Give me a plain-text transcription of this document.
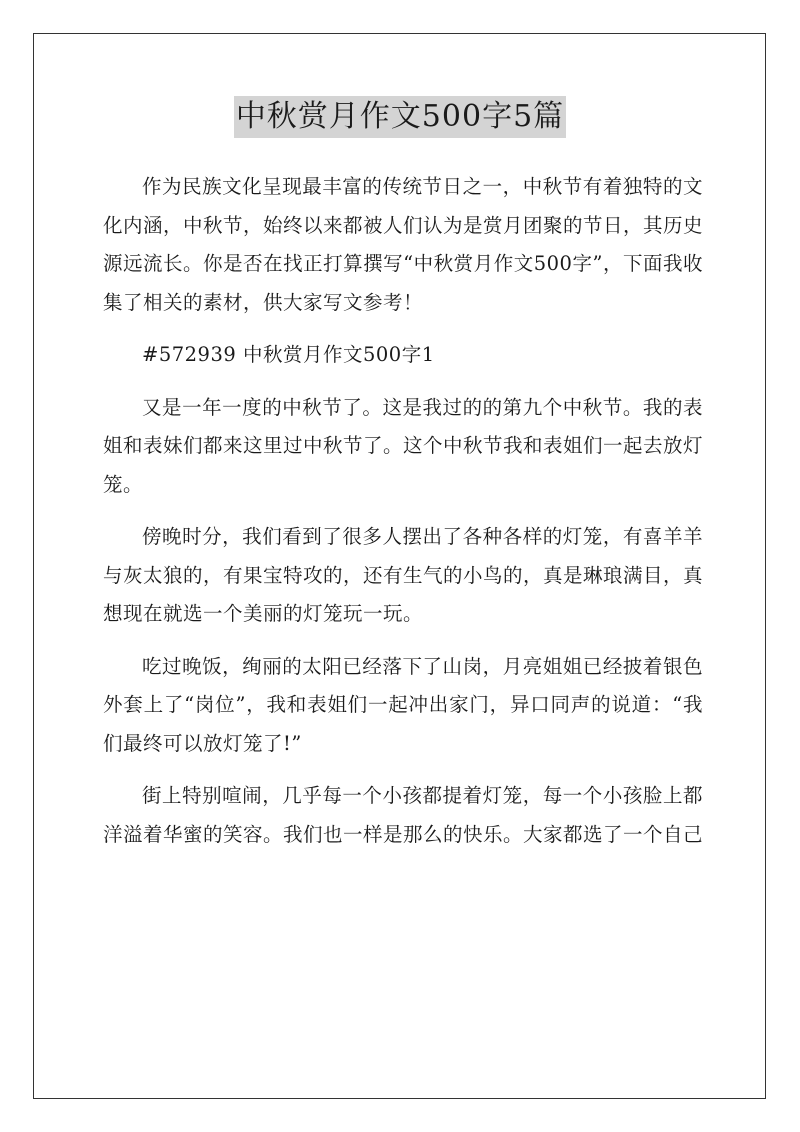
中秋赏月作文500字5篇

作为民族文化呈现最丰富的传统节日之一，中秋节有着独特的文化内涵，中秋节，始终以来都被人们认为是赏月团聚的节日，其历史源远流长。你是否在找正打算撰写“中秋赏月作文500字”，下面我收集了相关的素材，供大家写文参考！

#572939 中秋赏月作文500字1

又是一年一度的中秋节了。这是我过的的第九个中秋节。我的表姐和表妹们都来这里过中秋节了。这个中秋节我和表姐们一起去放灯笼。

傍晚时分，我们看到了很多人摆出了各种各样的灯笼，有喜羊羊与灰太狼的，有果宝特攻的，还有生气的小鸟的，真是琳琅满目，真想现在就选一个美丽的灯笼玩一玩。

吃过晚饭，绚丽的太阳已经落下了山岗，月亮姐姐已经披着银色外套上了“岗位”，我和表姐们一起冲出家门，异口同声的说道：“我们最终可以放灯笼了!”

街上特别喧闹，几乎每一个小孩都提着灯笼，每一个小孩脸上都洋溢着华蜜的笑容。我们也一样是那么的快乐。大家都选了一个自己
